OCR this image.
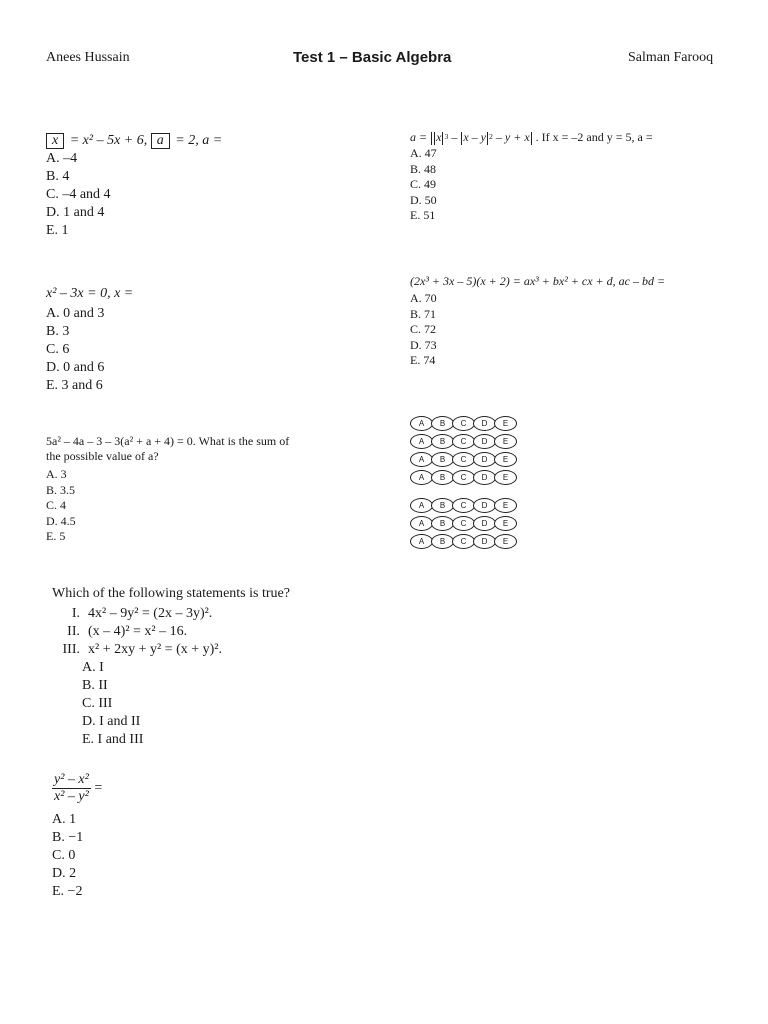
Anees Hussain	Test 1 – Basic Algebra	Salman Farooq
x = x² – 5x + 6, a = 2, a =
A. –4
B. 4
C. –4 and 4
D. 1 and 4
E. 1
a = x $^3$ – x – y $^2$ – y + x . If x = –2 and y = 5, a =
A. 47
B. 48
C. 49
D. 50
E. 51
x² – 3x = 0, x =
A. 0 and 3
B. 3
C. 6
D. 0 and 6
E. 3 and 6
(2x³ + 3x – 5)(x + 2) = ax³ + bx² + cx + d, ac – bd =
A. 70
B. 71
C. 72
D. 73
E. 74
5a² – 4a – 3 – 3(a² + a + 4) = 0. What is the sum of
the possible value of a?
A. 3
B. 3.5
C. 4
D. 4.5
E. 5
A	B	C	D	E
A	B	C	D	E
A	B	C	D	E
A	B	C	D	E
A	B	C	D	E
A	B	C	D	E
A	B	C	D	E
Which of the following statements is true?
I. 4x² – 9y² = (2x – 3y)².
II. (x – 4)² = x² – 16.
III. x² + 2xy + y² = (x + y)².
A. I
B. II
C. III
D. I and II
E. I and III
$\frac{\text{y² – x²}}{\text{x² – y²}}$ =
A. 1
B. −1
C. 0
D. 2
E. −2
